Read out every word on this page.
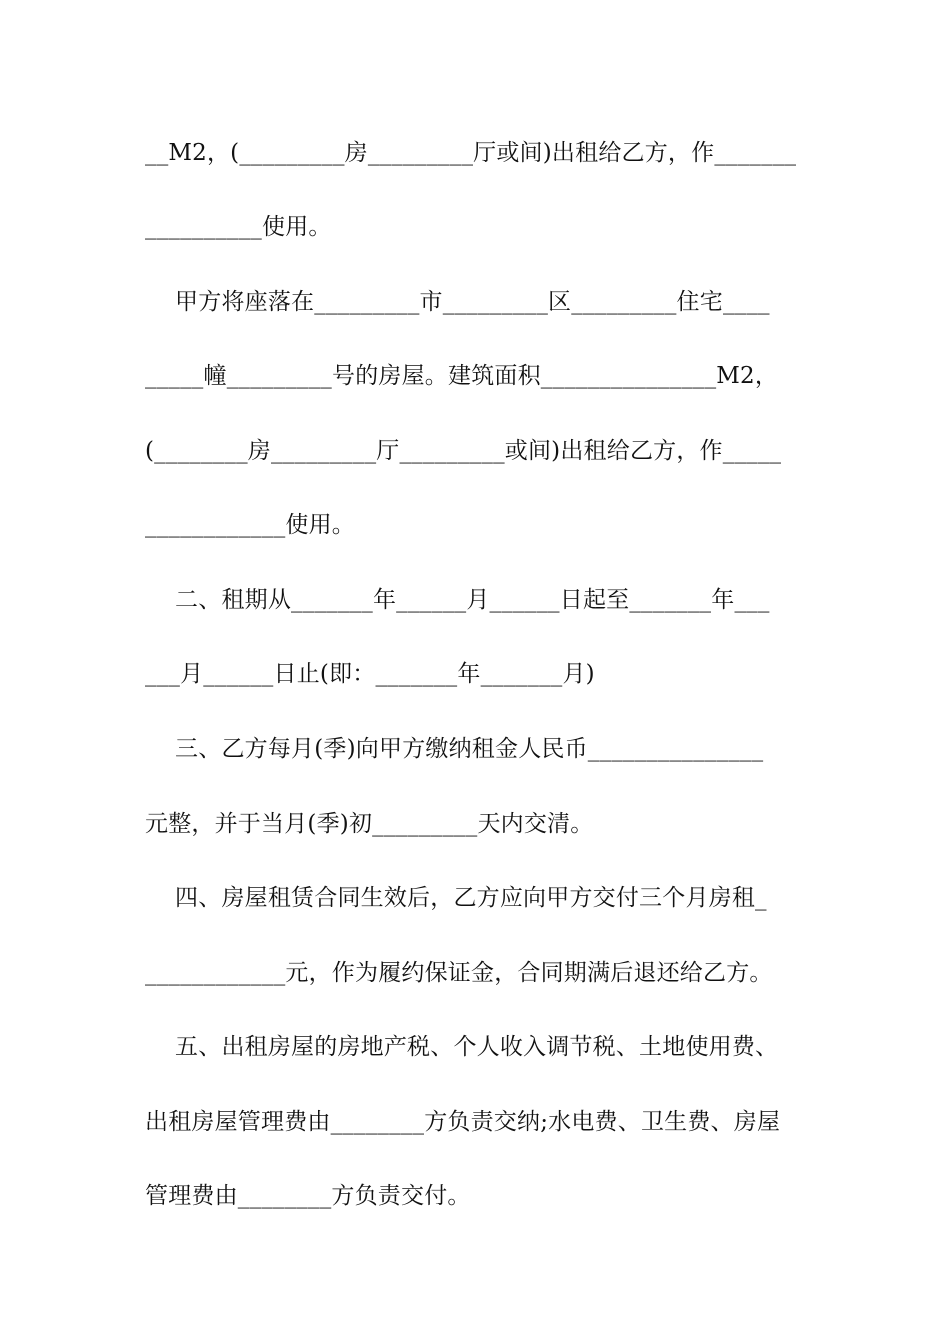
__M2，(_________房_________厅或间)出租给乙方，作_______
__________使用。
甲方将座落在_________市_________区_________住宅____
_____幢_________号的房屋。建筑面积_______________M2，
(________房_________厅_________或间)出租给乙方，作_____
____________使用。
二、租期从_______年______月______日起至_______年___
___月______日止(即：_______年_______月)
三、乙方每月(季)向甲方缴纳租金人民币_______________
元整，并于当月(季)初_________天内交清。
四、房屋租赁合同生效后，乙方应向甲方交付三个月房租_
____________元，作为履约保证金，合同期满后退还给乙方。
五、出租房屋的房地产税、个人收入调节税、土地使用费、
出租房屋管理费由________方负责交纳;水电费、卫生费、房屋
管理费由________方负责交付。
